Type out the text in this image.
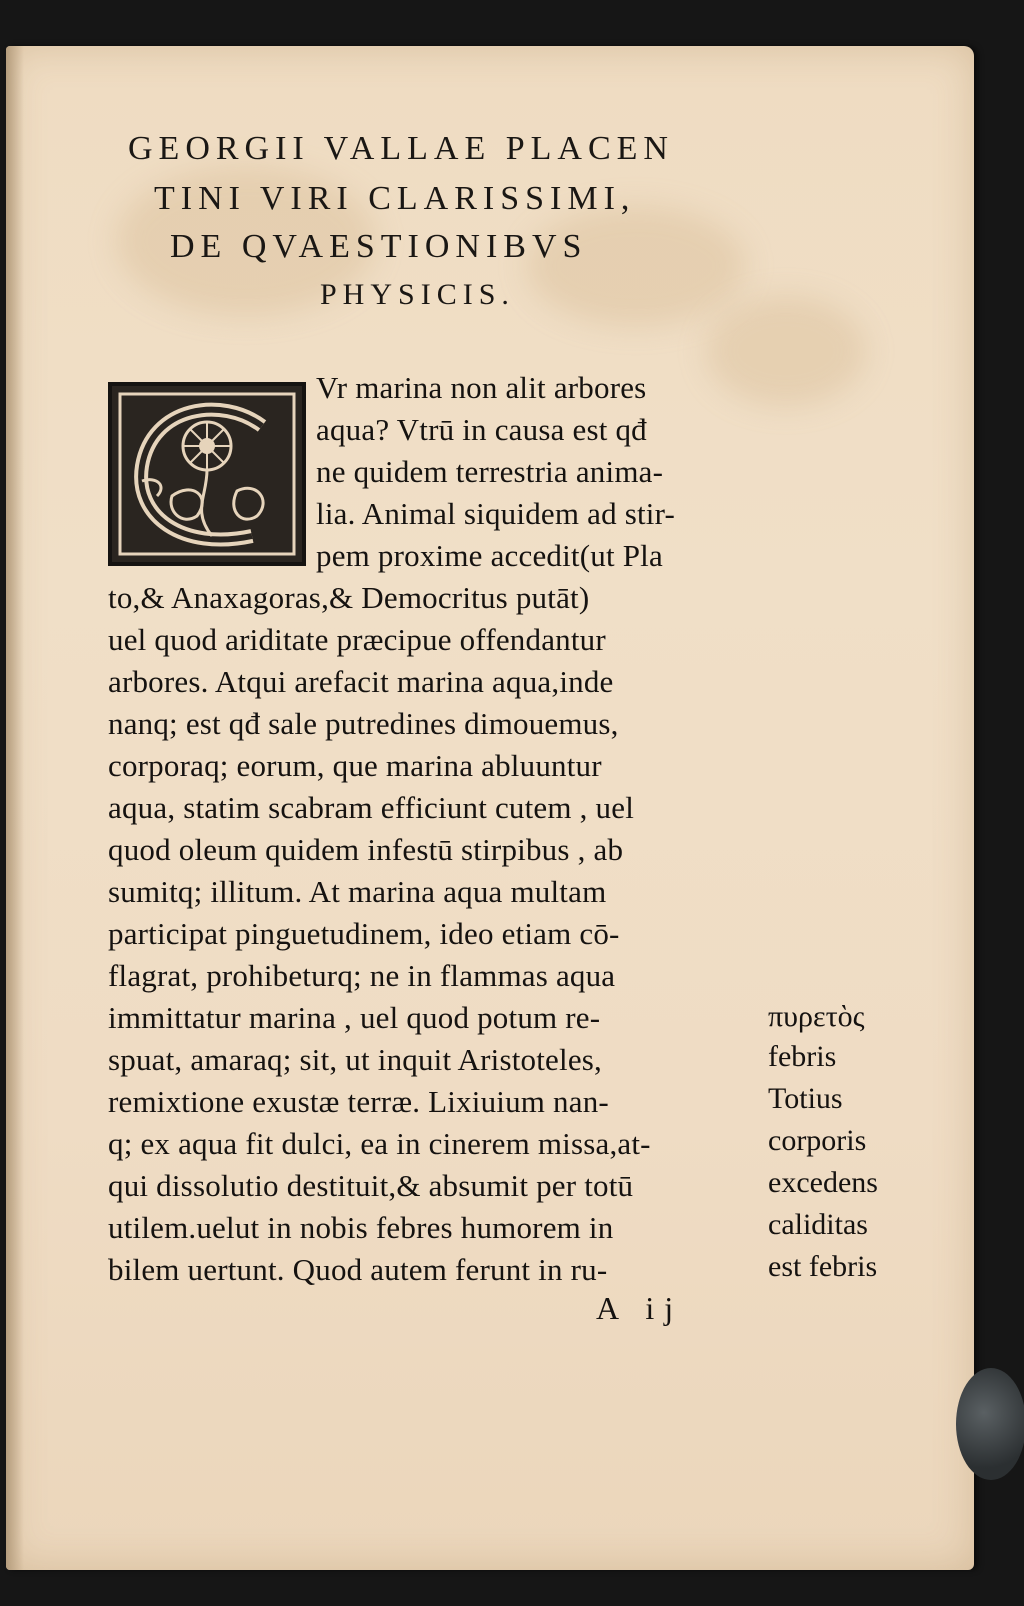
GEORGII VALLAE PLACEN
TINI VIRI CLARISSIMI,
DE QVAESTIONIBVS
PHYSICIS.
Vr marina non alit arbores
aqua? Vtrū in causa est qđ
ne quidem terrestria anima-
lia. Animal siquidem ad stir-
pem proxime accedit(ut Pla
to,& Anaxagoras,& Democritus putāt)
uel quod ariditate præcipue offendantur
arbores. Atqui arefacit marina aqua,inde
nanq; est qđ sale putredines dimouemus,
corporaq; eorum, que marina abluuntur
aqua, statim scabram efficiunt cutem , uel
quod oleum quidem infestū stirpibus , ab
sumitq; illitum. At marina aqua multam
participat pinguetudinem, ideo etiam cō-
flagrat, prohibeturq; ne in flammas aqua
immittatur marina , uel quod potum re-
spuat, amaraq; sit, ut inquit Aristoteles,
remixtione exustæ terræ. Lixiuium nan-
q; ex aqua fit dulci, ea in cinerem missa,at-
qui dissolutio destituit,& absumit per totū
utilem.uelut in nobis febres humorem in
bilem uertunt. Quod autem ferunt in ru-
πυρετὸς
febris
Totius
corporis
excedens
caliditas
est febris
A ij
